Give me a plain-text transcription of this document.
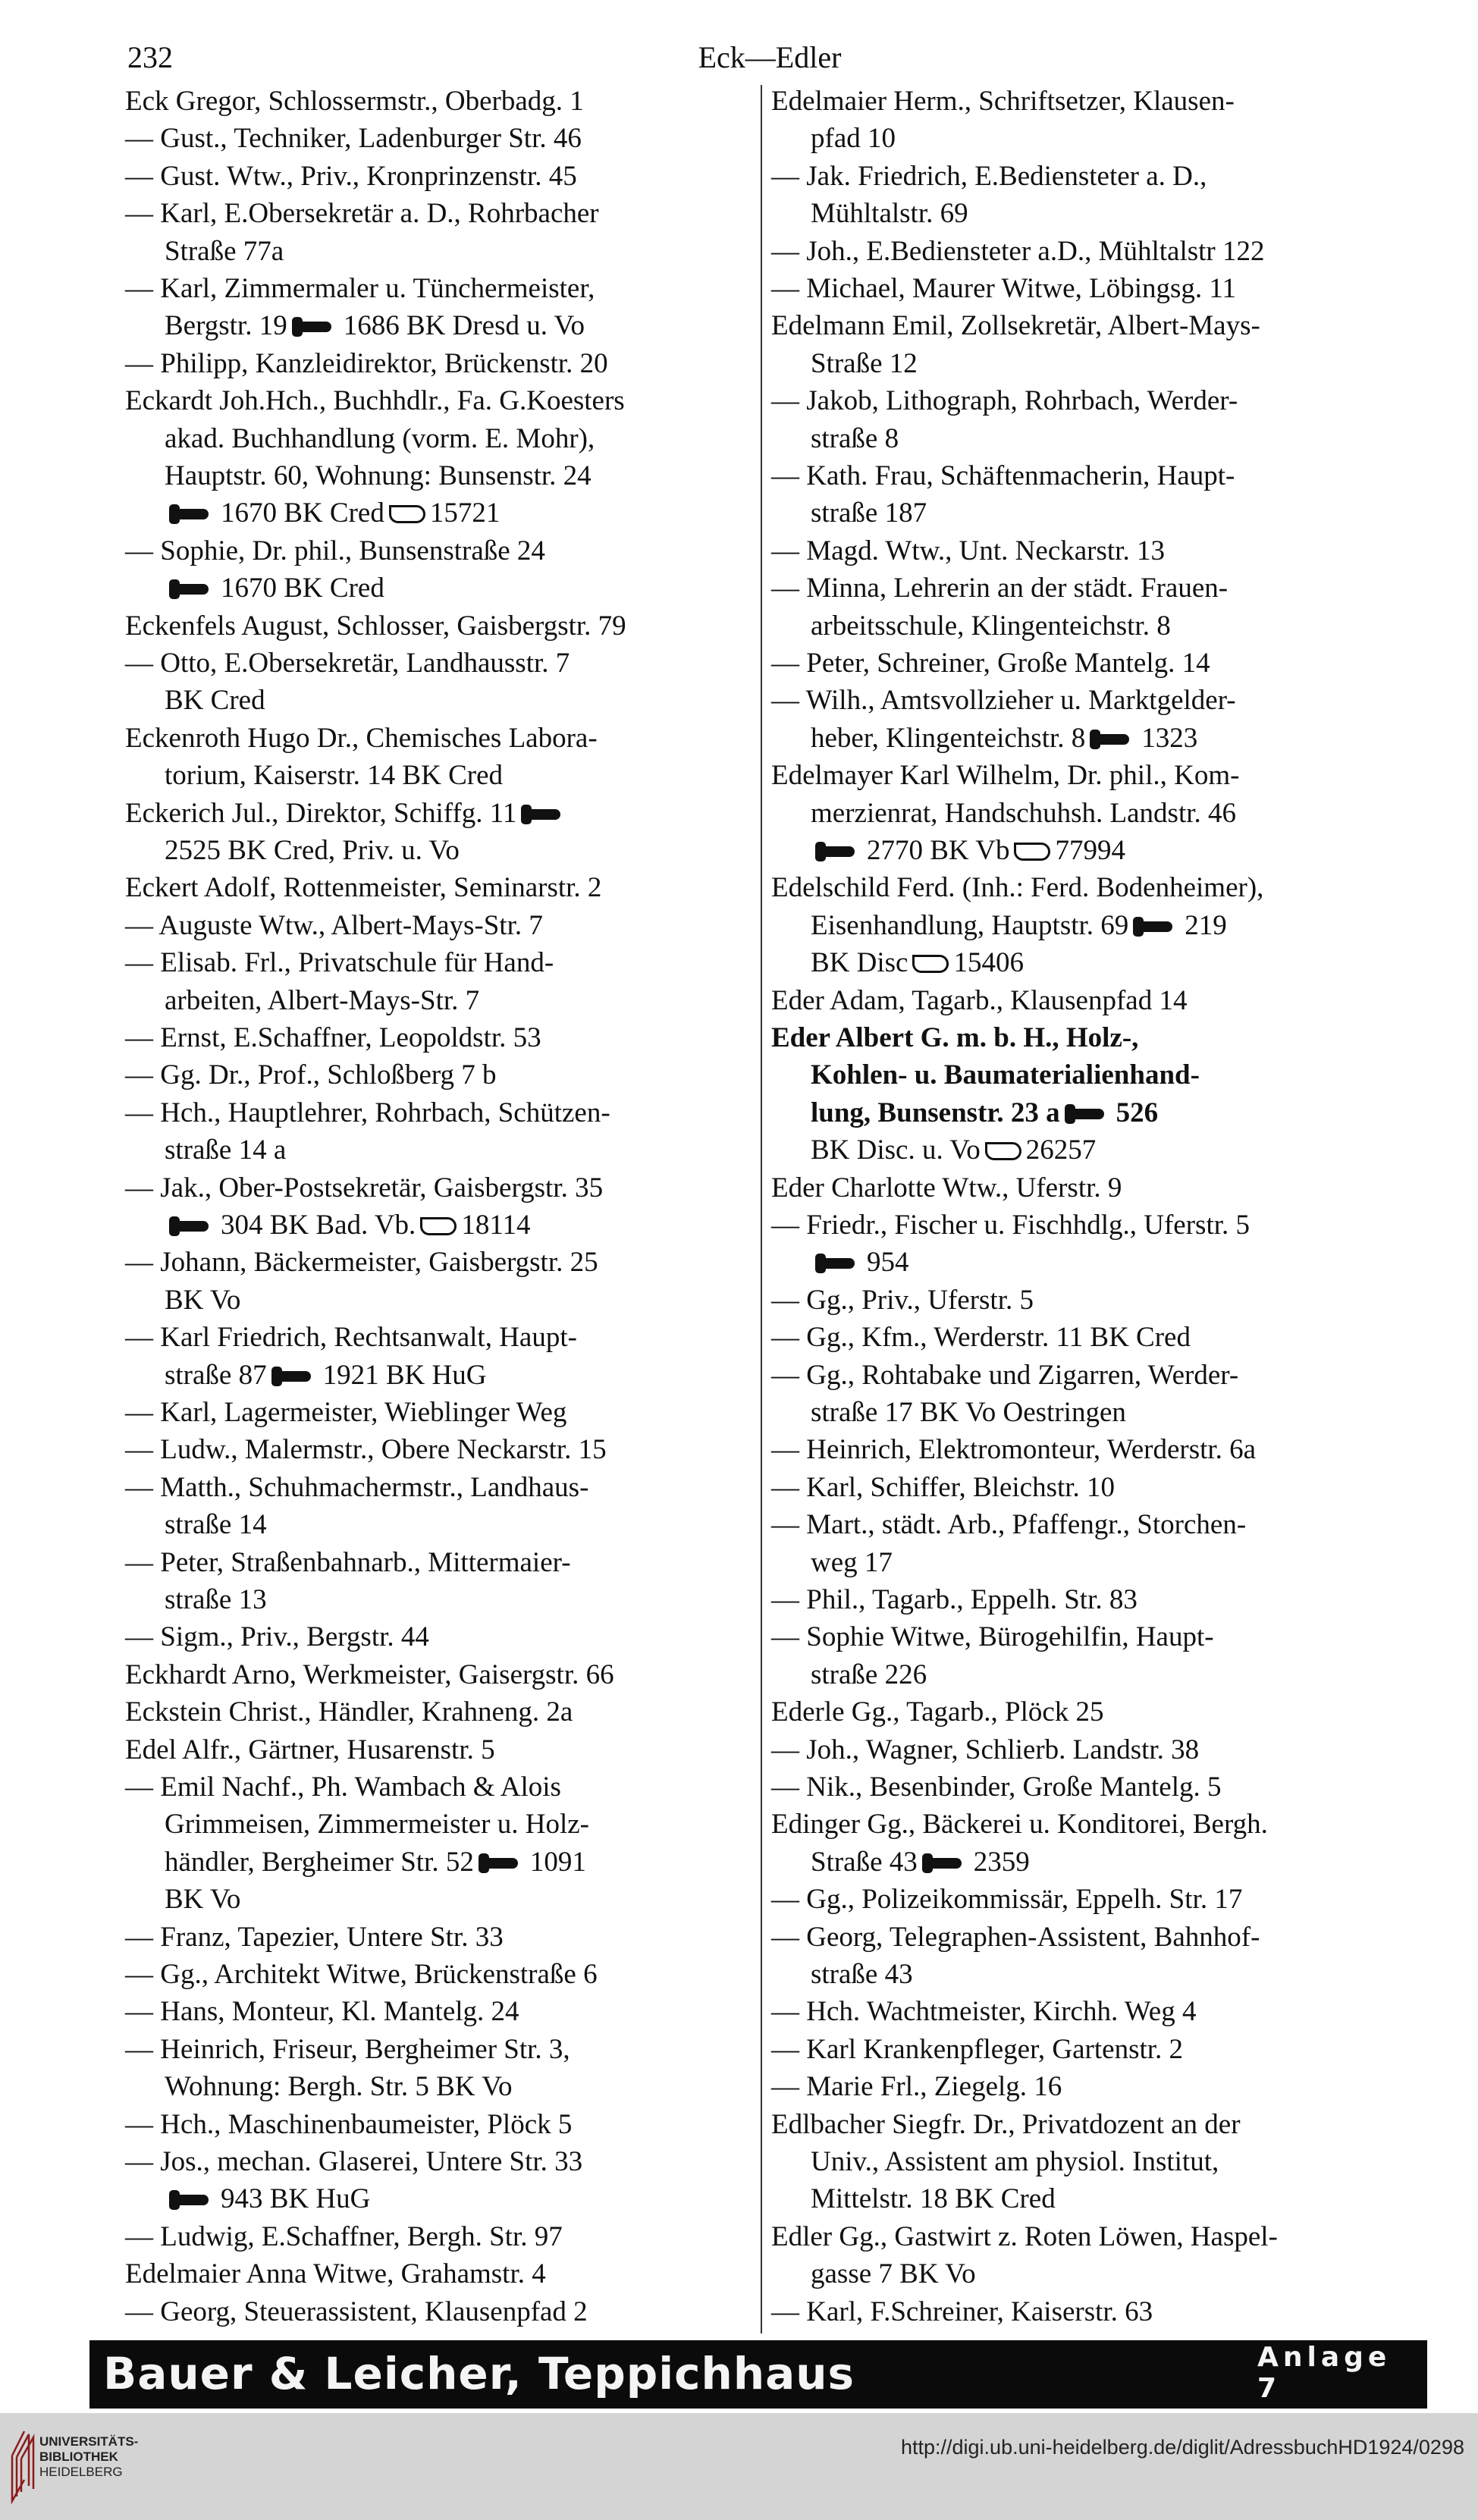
232	Eck—Edler
Eck Gregor, Schlossermstr., Oberbadg. 1
— Gust., Techniker, Ladenburger Str. 46
— Gust. Wtw., Priv., Kronprinzenstr. 45
— Karl, E.Obersekretär a. D., Rohrbacher
Straße 77a
— Karl, Zimmermaler u. Tünchermeister,
Bergstr. 19 1686 BK Dresd u. Vo
— Philipp, Kanzleidirektor, Brückenstr. 20
Eckardt Joh.Hch., Buchhdlr., Fa. G.Koesters
akad. Buchhandlung (vorm. E. Mohr),
Hauptstr. 60, Wohnung: Bunsenstr. 24
1670 BK Cred 15721
— Sophie, Dr. phil., Bunsenstraße 24
1670 BK Cred
Eckenfels August, Schlosser, Gaisbergstr. 79
— Otto, E.Obersekretär, Landhausstr. 7
BK Cred
Eckenroth Hugo Dr., Chemisches Labora-
torium, Kaiserstr. 14 BK Cred
Eckerich Jul., Direktor, Schiffg. 11
2525 BK Cred, Priv. u. Vo
Eckert Adolf, Rottenmeister, Seminarstr. 2
— Auguste Wtw., Albert-Mays-Str. 7
— Elisab. Frl., Privatschule für Hand-
arbeiten, Albert-Mays-Str. 7
— Ernst, E.Schaffner, Leopoldstr. 53
— Gg. Dr., Prof., Schloßberg 7 b
— Hch., Hauptlehrer, Rohrbach, Schützen-
straße 14 a
— Jak., Ober-Postsekretär, Gaisbergstr. 35
304 BK Bad. Vb. 18114
— Johann, Bäckermeister, Gaisbergstr. 25
BK Vo
— Karl Friedrich, Rechtsanwalt, Haupt-
straße 87 1921 BK HuG
— Karl, Lagermeister, Wieblinger Weg
— Ludw., Malermstr., Obere Neckarstr. 15
— Matth., Schuhmachermstr., Landhaus-
straße 14
— Peter, Straßenbahnarb., Mittermaier-
straße 13
— Sigm., Priv., Bergstr. 44
Eckhardt Arno, Werkmeister, Gaisergstr. 66
Eckstein Christ., Händler, Krahneng. 2a
Edel Alfr., Gärtner, Husarenstr. 5
— Emil Nachf., Ph. Wambach & Alois
Grimmeisen, Zimmermeister u. Holz-
händler, Bergheimer Str. 52 1091
BK Vo
— Franz, Tapezier, Untere Str. 33
— Gg., Architekt Witwe, Brückenstraße 6
— Hans, Monteur, Kl. Mantelg. 24
— Heinrich, Friseur, Bergheimer Str. 3,
Wohnung: Bergh. Str. 5 BK Vo
— Hch., Maschinenbaumeister, Plöck 5
— Jos., mechan. Glaserei, Untere Str. 33
943 BK HuG
— Ludwig, E.Schaffner, Bergh. Str. 97
Edelmaier Anna Witwe, Grahamstr. 4
— Georg, Steuerassistent, Klausenpfad 2
Edelmaier Herm., Schriftsetzer, Klausen-
pfad 10
— Jak. Friedrich, E.Bediensteter a. D.,
Mühltalstr. 69
— Joh., E.Bediensteter a.D., Mühltalstr 122
— Michael, Maurer Witwe, Löbingsg. 11
Edelmann Emil, Zollsekretär, Albert-Mays-
Straße 12
— Jakob, Lithograph, Rohrbach, Werder-
straße 8
— Kath. Frau, Schäftenmacherin, Haupt-
straße 187
— Magd. Wtw., Unt. Neckarstr. 13
— Minna, Lehrerin an der städt. Frauen-
arbeitsschule, Klingenteichstr. 8
— Peter, Schreiner, Große Mantelg. 14
— Wilh., Amtsvollzieher u. Marktgelder-
heber, Klingenteichstr. 8 1323
Edelmayer Karl Wilhelm, Dr. phil., Kom-
merzienrat, Handschuhsh. Landstr. 46
2770 BK Vb 77994
Edelschild Ferd. (Inh.: Ferd. Bodenheimer),
Eisenhandlung, Hauptstr. 69 219
BK Disc 15406
Eder Adam, Tagarb., Klausenpfad 14
Eder Albert G. m. b. H., Holz-,
Kohlen- u. Baumaterialienhand-
lung, Bunsenstr. 23 a 526
BK Disc. u. Vo 26257
Eder Charlotte Wtw., Uferstr. 9
— Friedr., Fischer u. Fischhdlg., Uferstr. 5
954
— Gg., Priv., Uferstr. 5
— Gg., Kfm., Werderstr. 11 BK Cred
— Gg., Rohtabake und Zigarren, Werder-
straße 17 BK Vo Oestringen
— Heinrich, Elektromonteur, Werderstr. 6a
— Karl, Schiffer, Bleichstr. 10
— Mart., städt. Arb., Pfaffengr., Storchen-
weg 17
— Phil., Tagarb., Eppelh. Str. 83
— Sophie Witwe, Bürogehilfin, Haupt-
straße 226
Ederle Gg., Tagarb., Plöck 25
— Joh., Wagner, Schlierb. Landstr. 38
— Nik., Besenbinder, Große Mantelg. 5
Edinger Gg., Bäckerei u. Konditorei, Bergh.
Straße 43 2359
— Gg., Polizeikommissär, Eppelh. Str. 17
— Georg, Telegraphen-Assistent, Bahnhof-
straße 43
— Hch. Wachtmeister, Kirchh. Weg 4
— Karl Krankenpfleger, Gartenstr. 2
— Marie Frl., Ziegelg. 16
Edlbacher Siegfr. Dr., Privatdozent an der
Univ., Assistent am physiol. Institut,
Mittelstr. 18 BK Cred
Edler Gg., Gastwirt z. Roten Löwen, Haspel-
gasse 7 BK Vo
— Karl, F.Schreiner, Kaiserstr. 63
Bauer & Leicher, Teppichhaus	Anlage 7
UNIVERSITÄTS-
BIBLIOTHEK
HEIDELBERG
http://digi.ub.uni-heidelberg.de/diglit/AdressbuchHD1924/0298
